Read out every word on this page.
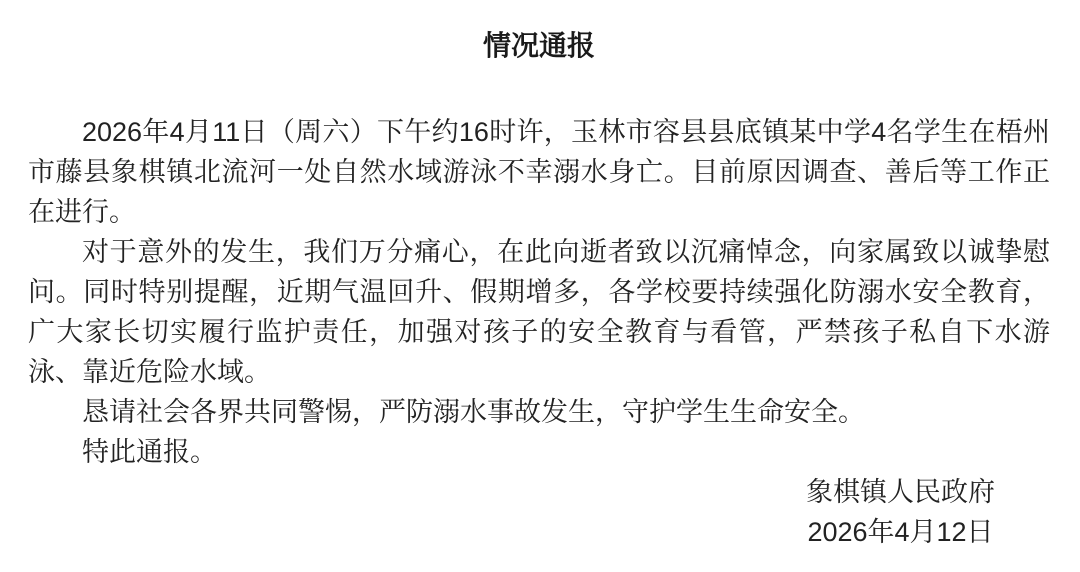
情况通报

2026年4月11日（周六）下午约16时许，玉林市容县县底镇某中学4名学生在梧州市藤县象棋镇北流河一处自然水域游泳不幸溺水身亡。目前原因调查、善后等工作正在进行。

对于意外的发生，我们万分痛心，在此向逝者致以沉痛悼念，向家属致以诚挚慰问。同时特别提醒，近期气温回升、假期增多，各学校要持续强化防溺水安全教育，广大家长切实履行监护责任，加强对孩子的安全教育与看管，严禁孩子私自下水游泳、靠近危险水域。

恳请社会各界共同警惕，严防溺水事故发生，守护学生生命安全。

特此通报。

象棋镇人民政府
2026年4月12日
